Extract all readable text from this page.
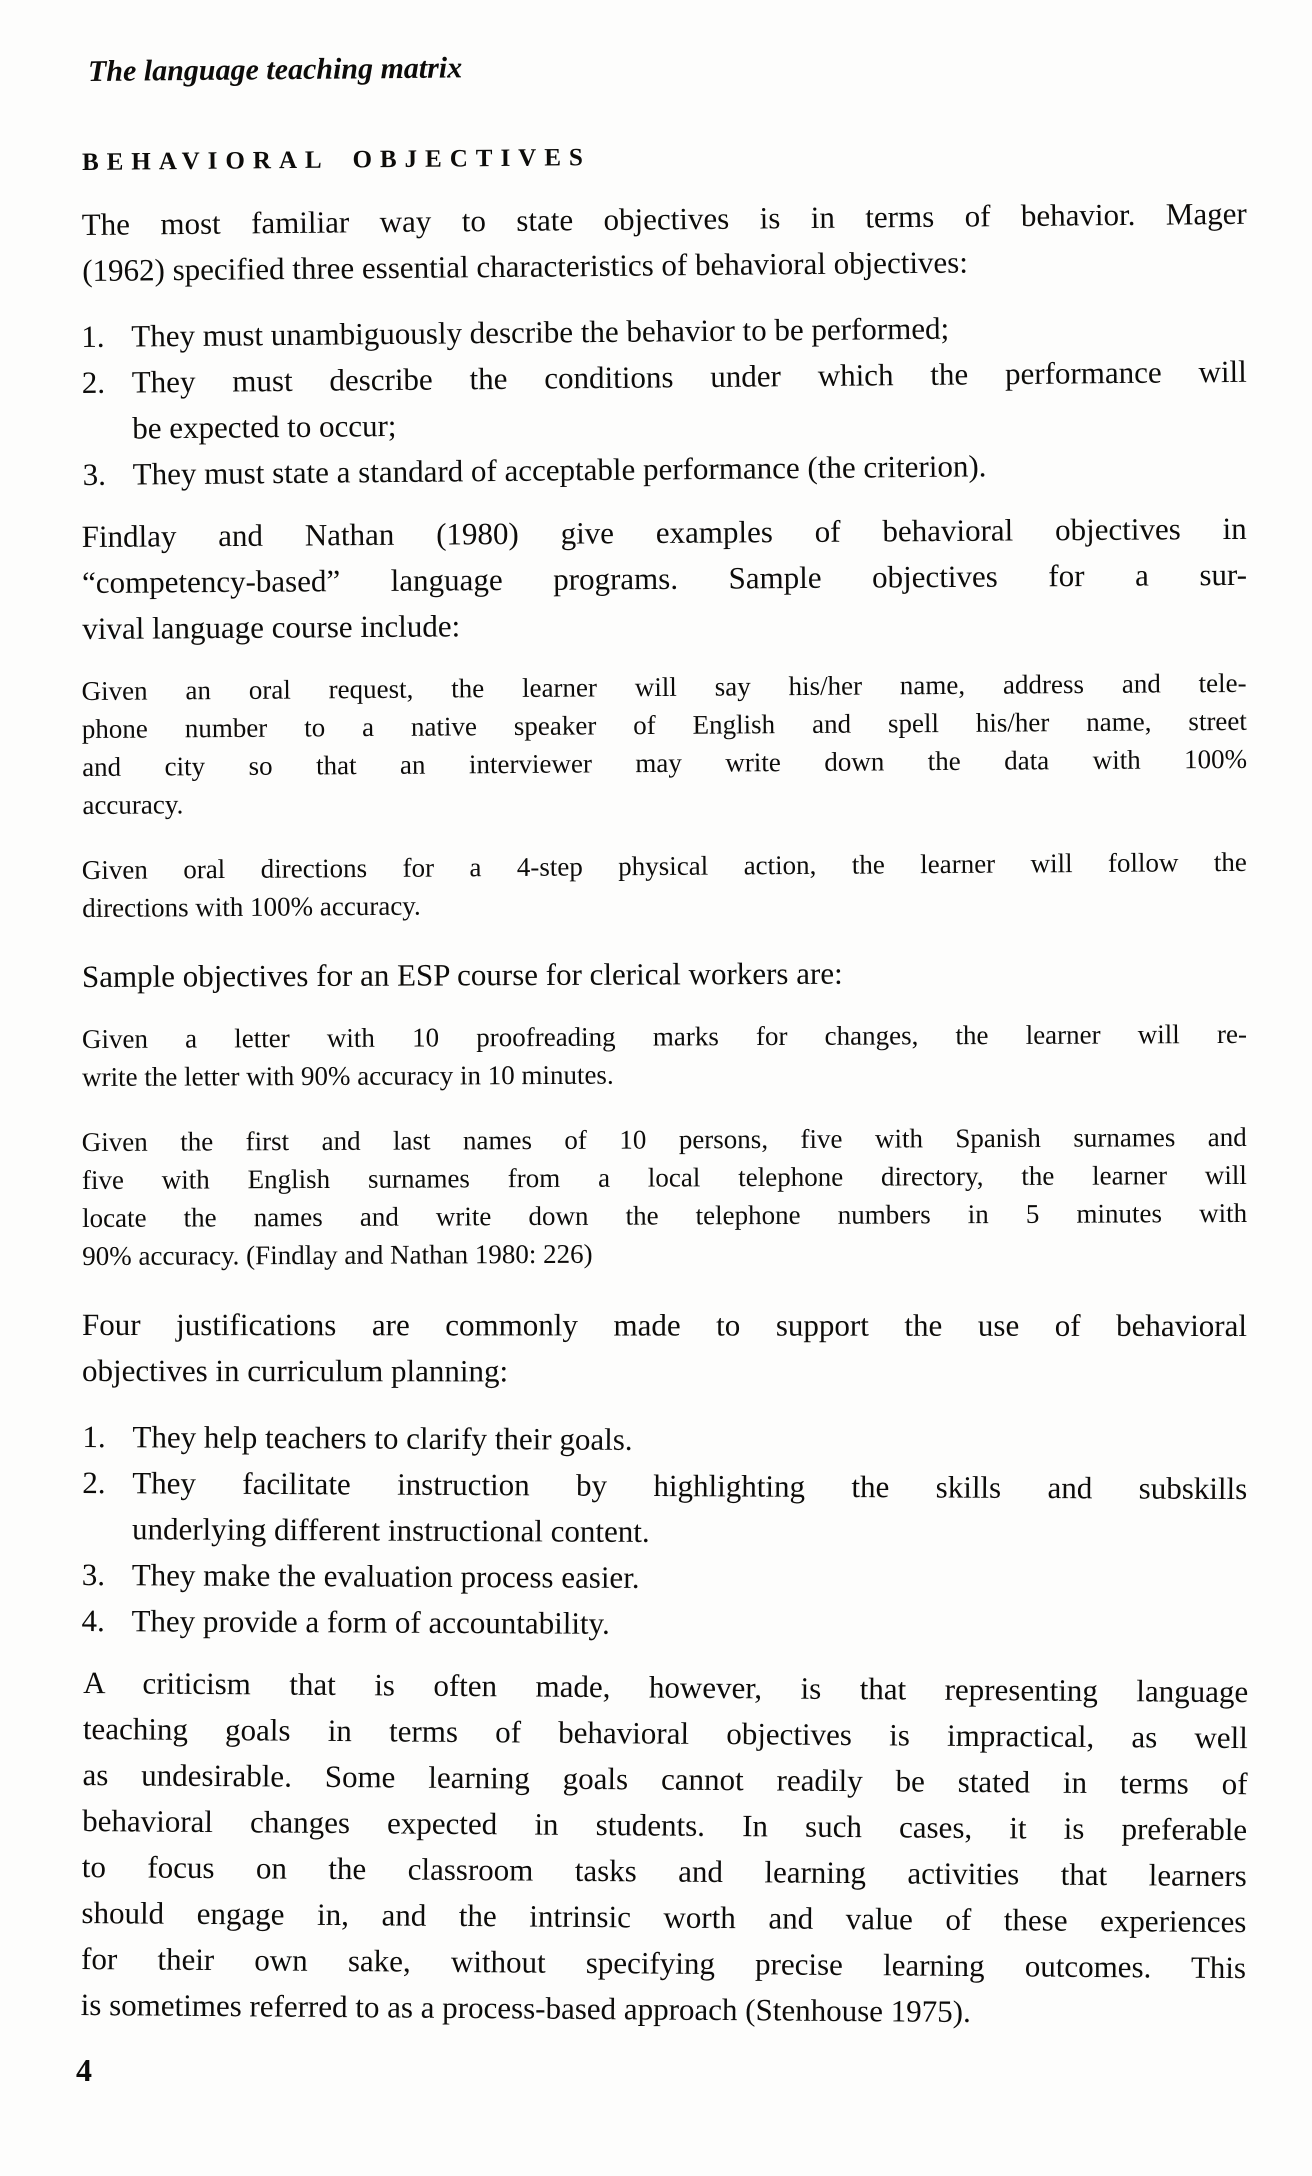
The language teaching matrix
BEHAVIORAL OBJECTIVES
The most familiar way to state objectives is in terms of behavior. Mager
(1962) specified three essential characteristics of behavioral objectives:
1. They must unambiguously describe the behavior to be performed;
2. They must describe the conditions under which the performance will
be expected to occur;
3. They must state a standard of acceptable performance (the criterion).
Findlay and Nathan (1980) give examples of behavioral objectives in
“competency-based” language programs. Sample objectives for a sur-
vival language course include:
Given an oral request, the learner will say his/her name, address and tele-
phone number to a native speaker of English and spell his/her name, street
and city so that an interviewer may write down the data with 100%
accuracy.
Given oral directions for a 4-step physical action, the learner will follow the
directions with 100% accuracy.
Sample objectives for an ESP course for clerical workers are:
Given a letter with 10 proofreading marks for changes, the learner will re-
write the letter with 90% accuracy in 10 minutes.
Given the first and last names of 10 persons, five with Spanish surnames and
five with English surnames from a local telephone directory, the learner will
locate the names and write down the telephone numbers in 5 minutes with
90% accuracy. (Findlay and Nathan 1980: 226)
Four justifications are commonly made to support the use of behavioral
objectives in curriculum planning:
1. They help teachers to clarify their goals.
2. They facilitate instruction by highlighting the skills and subskills
underlying different instructional content.
3. They make the evaluation process easier.
4. They provide a form of accountability.
A criticism that is often made, however, is that representing language
teaching goals in terms of behavioral objectives is impractical, as well
as undesirable. Some learning goals cannot readily be stated in terms of
behavioral changes expected in students. In such cases, it is preferable
to focus on the classroom tasks and learning activities that learners
should engage in, and the intrinsic worth and value of these experiences
for their own sake, without specifying precise learning outcomes. This
is sometimes referred to as a process-based approach (Stenhouse 1975).
4
